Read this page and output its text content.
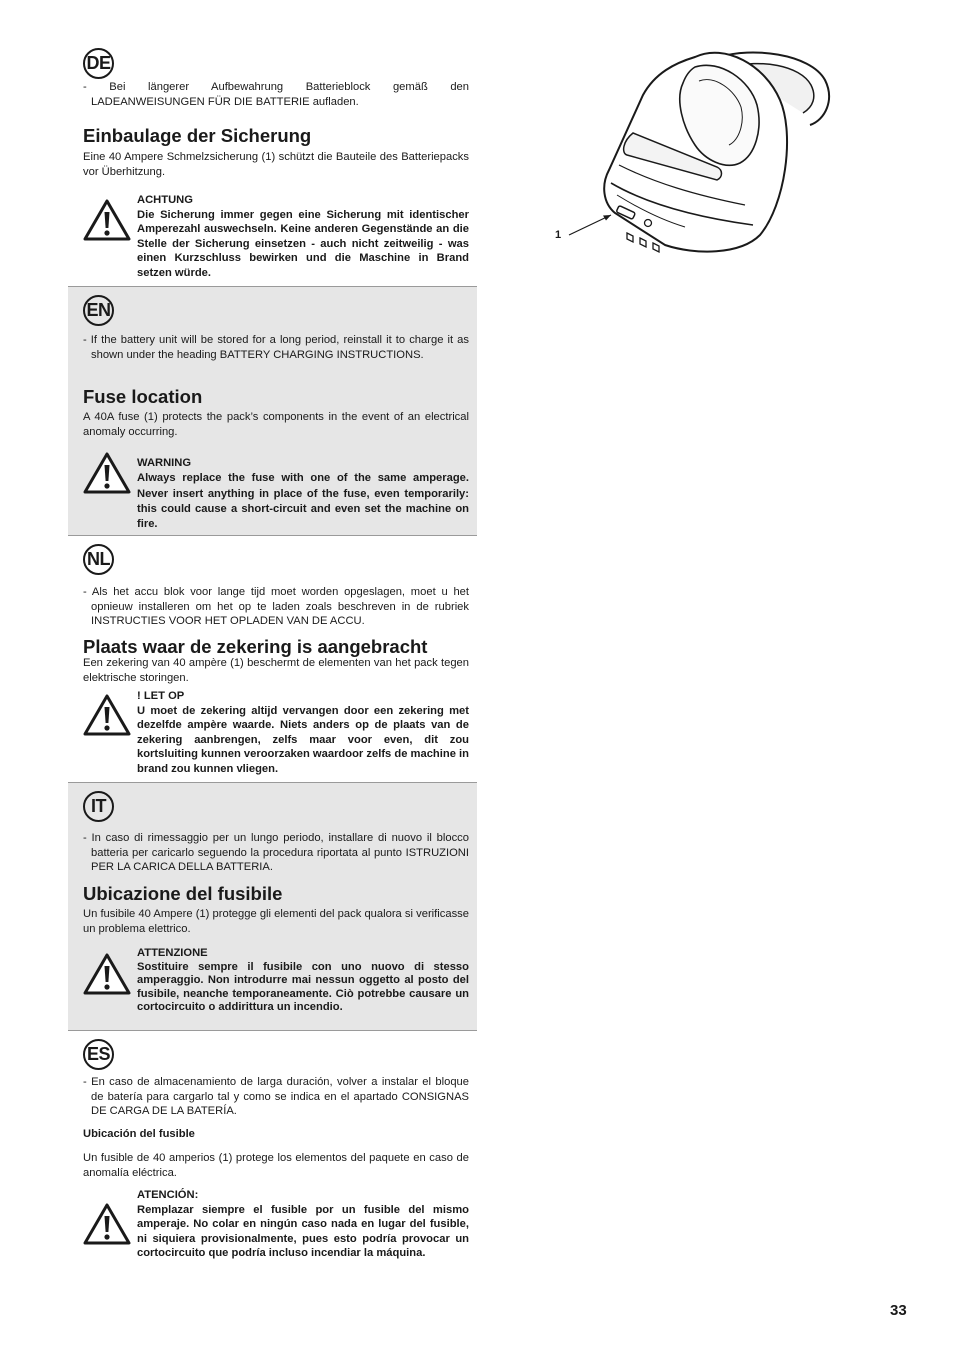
DE

- Bei längerer Aufbewahrung Batterieblock gemäß den LADEANWEISUNGEN FÜR DIE BATTERIE aufladen.

Einbaulage der Sicherung

Eine 40 Ampere Schmelzsicherung (1) schützt die Bauteile des Batteriepacks vor Überhitzung.

ACHTUNG
Die Sicherung immer gegen eine Sicherung mit identischer Amperezahl auswechseln. Keine anderen Gegenstände an die Stelle der Sicherung einsetzen - auch nicht zeitweilig - was einen Kurzschluss bewirken und die Maschine in Brand setzen würde.

EN

- If the battery unit will be stored for a long period, reinstall it to charge it as shown under the heading BATTERY CHARGING INSTRUCTIONS.

Fuse location

A 40A fuse (1) protects the pack’s components in the event of an electrical anomaly occurring.

WARNING
Always replace the fuse with one of the same amperage. Never insert anything in place of the fuse, even temporarily: this could cause a short-circuit and even set the machine on fire.

NL

- Als het accu blok voor lange tijd moet worden opgeslagen, moet u het opnieuw installeren om het op te laden zoals beschreven in de rubriek INSTRUCTIES VOOR HET OPLADEN VAN DE ACCU.

Plaats waar de zekering is aangebracht

Een zekering van 40 ampère (1) beschermt de elementen van het pack tegen elektrische storingen.

! LET OP
U moet de zekering altijd vervangen door een zekering met dezelfde ampère waarde. Niets anders op de plaats van de zekering aanbrengen, zelfs maar voor even, dit zou kortsluiting kunnen veroorzaken waardoor zelfs de machine in brand zou kunnen vliegen.

IT

- In caso di rimessaggio per un lungo periodo, installare di nuovo il blocco batteria per caricarlo seguendo la procedura riportata al punto ISTRUZIONI PER LA CARICA DELLA BATTERIA.

Ubicazione del fusibile

Un fusibile 40 Ampere (1) protegge gli elementi del pack qualora si verificasse un problema elettrico.

ATTENZIONE
Sostituire sempre il fusibile con uno nuovo di stesso amperaggio. Non introdurre mai nessun oggetto al posto del fusibile, neanche temporaneamente. Ciò potrebbe causare un cortocircuito o addirittura un incendio.

ES

- En caso de almacenamiento de larga duración, volver a instalar el bloque de batería para cargarlo tal y como se indica en el apartado CONSIGNAS DE CARGA DE LA BATERÍA.

Ubicación del fusible

Un fusible de 40 amperios (1) protege los elementos del paquete en caso de anomalía eléctrica.

ATENCIÓN:
Remplazar siempre el fusible por un fusible del mismo amperaje. No colar en ningún caso nada en lugar del fusible, ni siquiera provisionalmente, pues esto podría provocar un cortocircuito que podría incluso incendiar la máquina.

1
33
